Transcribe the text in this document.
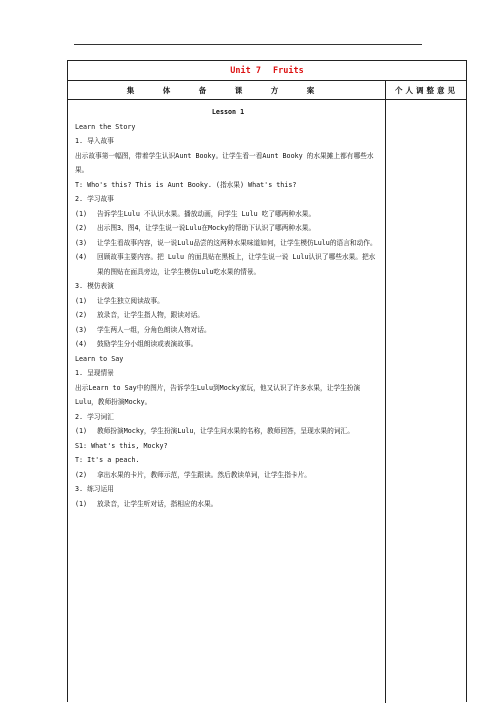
Unit 7 Fruits
集 体 备 课 方 案	个人调整意见
Lesson 1
Learn the Story
1. 导入故事
出示故事第一幅图，带着学生认识Aunt Booky。让学生看一看Aunt Booky 的水果摊上都有哪些水果。
T: Who's this? This is Aunt Booky. (指水果) What's this?
2. 学习故事
(1)	告诉学生Lulu 不认识水果。播放动画，问学生 Lulu 吃了哪两种水果。
(2)	出示图3、图4，让学生说一说Lulu在Mocky的帮助下认识了哪两种水果。
(3)	让学生看故事内容，说一说Lulu品尝的这两种水果味道如何，让学生模仿Lulu的语言和动作。
(4)	回顾故事主要内容。把 Lulu 的面具贴在黑板上，让学生说一说 Lulu认识了哪些水果。把水果的图贴在面具旁边，让学生模仿Lulu吃水果的情景。
3. 模仿表演
(1)	让学生独立阅读故事。
(2)	放录音，让学生指人物，跟读对话。
(3)	学生两人一组，分角色朗读人物对话。
(4)	鼓励学生分小组朗读或表演故事。
Learn to Say
1. 呈现情景
出示Learn to Say中的图片，告诉学生Lulu到Mocky家玩，他又认识了许多水果，让学生扮演Lulu，教师扮演Mocky。
2. 学习词汇
(1)	教师扮演Mocky，学生扮演Lulu，让学生问水果的名称，教师回答，呈现水果的词汇。
S1: What's this, Mocky?
T: It's a peach.
(2)	拿出水果的卡片，教师示范，学生跟读。然后教读单词，让学生指卡片。
3. 练习运用
(1)	放录音，让学生听对话，指相应的水果。
